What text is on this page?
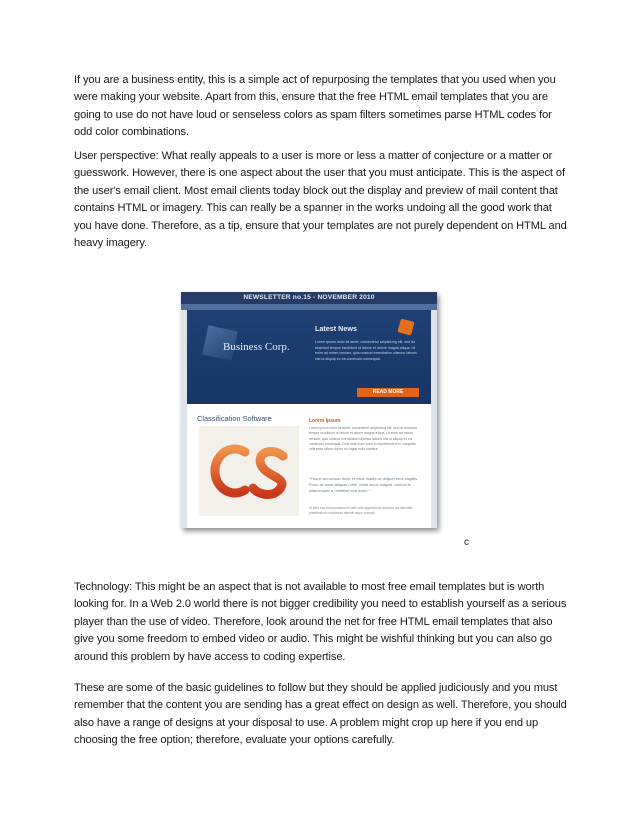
If you are a business entity, this is a simple act of repurposing the templates that you used when you were making your website. Apart from this, ensure that the free HTML email templates that you are going to use do not have loud or senseless colors as spam filters sometimes parse HTML codes for odd color combinations.

User perspective: What really appeals to a user is more or less a matter of conjecture or a matter or guesswork. However, there is one aspect about the user that you must anticipate. This is the aspect of the user's email client. Most email clients today block out the display and preview of mail content that contains HTML or imagery. This can really be a spanner in the works undoing all the good work that you have done. Therefore, as a tip, ensure that your templates are not purely dependent on HTML and heavy imagery.

NEWSLETTER no.15 - NOVEMBER 2010
Business Corp.
Latest News
Lorem ipsum dolor sit amet, consectetur adipisicing elit, sed do eiusmod tempor incididunt ut labore et dolore magna aliqua. Ut enim ad minim veniam, quis nostrud exercitation ullamco laboris nisi ut aliquip ex ea commodo consequat.
READ MORE
Classification Software	Lorem Ipsum
Lorem ipsum dolor sit amet, consectetur adipisicing elit, sed do eiusmod tempor incididunt ut labore et dolore magna aliqua. Ut enim ad minim veniam, quis nostrud exercitation ullamco laboris nisi ut aliquip ex ea commodo consequat. Duis aute irure dolor in reprehenderit in voluptate velit esse cillum dolore eu fugiat nulla pariatur.
"Fusce accumsan dolor et risus mattis ac aliquet eros sagittis. Proin sit amet aliquam velit. Nulla lacus magna, viverra at ullamcorper a, eleifend sed enim."
At vero eos et accusamus et iusto odio dignissimos ducimus qui blanditiis praesentium voluptatum deleniti atque corrupti.
c

Technology: This might be an aspect that is not available to most free email templates but is worth looking for. In a Web 2.0 world there is not bigger credibility you need to establish yourself as a serious player than the use of video. Therefore, look around the net for free HTML email templates that also give you some freedom to embed video or audio. This might be wishful thinking but you can also go around this problem by have access to coding expertise.

These are some of the basic guidelines to follow but they should be applied judiciously and you must remember that the content you are sending has a great effect on design as well. Therefore, you should also have a range of designs at your disposal to use. A problem might crop up here if you end up choosing the free option; therefore, evaluate your options carefully.
